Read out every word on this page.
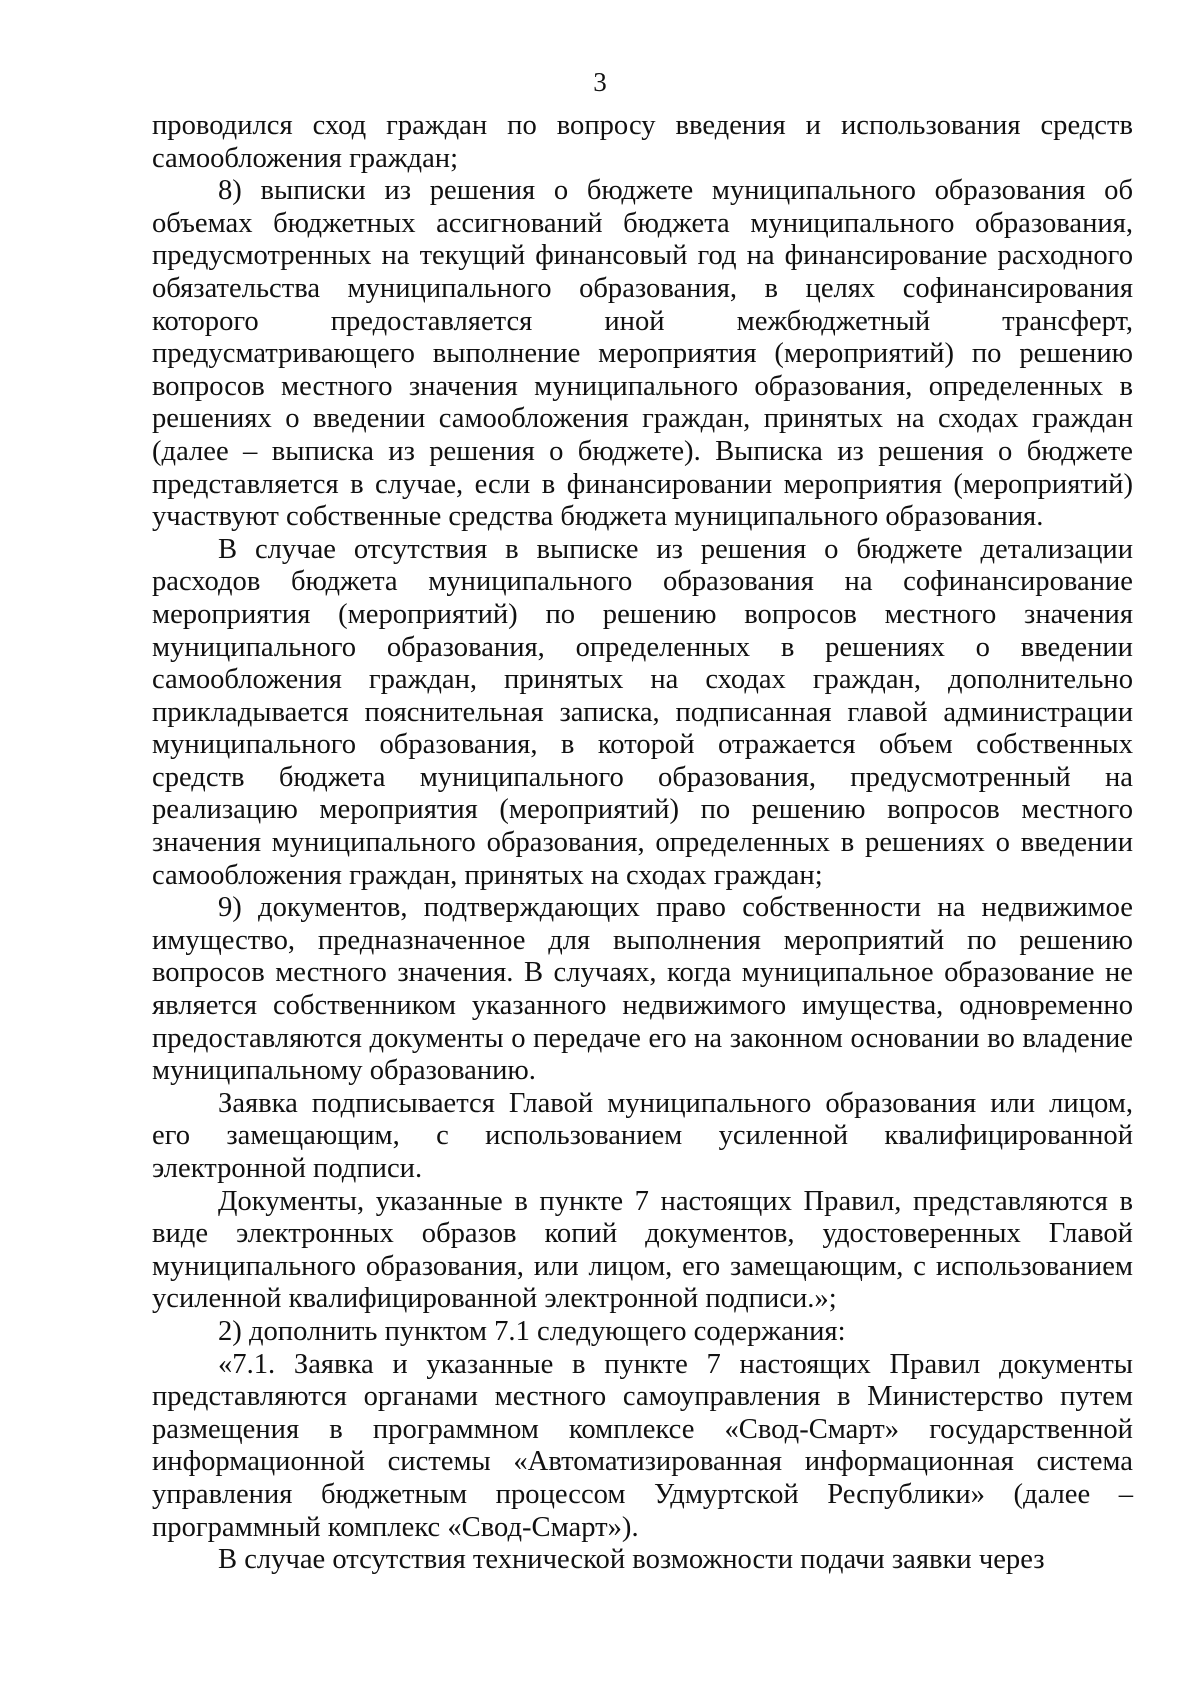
3

проводился сход граждан по вопросу введения и использования средств самообложения граждан;

8) выписки из решения о бюджете муниципального образования об объемах бюджетных ассигнований бюджета муниципального образования, предусмотренных на текущий финансовый год на финансирование расходного обязательства муниципального образования, в целях софинансирования которого предоставляется иной межбюджетный трансферт, предусматривающего выполнение мероприятия (мероприятий) по решению вопросов местного значения муниципального образования, определенных в решениях о введении самообложения граждан, принятых на сходах граждан (далее – выписка из решения о бюджете). Выписка из решения о бюджете представляется в случае, если в финансировании мероприятия (мероприятий) участвуют собственные средства бюджета муниципального образования.

В случае отсутствия в выписке из решения о бюджете детализации расходов бюджета муниципального образования на софинансирование мероприятия (мероприятий) по решению вопросов местного значения муниципального образования, определенных в решениях о введении самообложения граждан, принятых на сходах граждан, дополнительно прикладывается пояснительная записка, подписанная главой администрации муниципального образования, в которой отражается объем собственных средств бюджета муниципального образования, предусмотренный на реализацию мероприятия (мероприятий) по решению вопросов местного значения муниципального образования, определенных в решениях о введении самообложения граждан, принятых на сходах граждан;

9) документов, подтверждающих право собственности на недвижимое имущество, предназначенное для выполнения мероприятий по решению вопросов местного значения. В случаях, когда муниципальное образование не является собственником указанного недвижимого имущества, одновременно предоставляются документы о передаче его на законном основании во владение муниципальному образованию.

Заявка подписывается Главой муниципального образования или лицом, его замещающим, с использованием усиленной квалифицированной электронной подписи.

Документы, указанные в пункте 7 настоящих Правил, представляются в виде электронных образов копий документов, удостоверенных Главой муниципального образования, или лицом, его замещающим, с использованием усиленной квалифицированной электронной подписи.»;

2) дополнить пунктом 7.1 следующего содержания:

«7.1. Заявка и указанные в пункте 7 настоящих Правил документы представляются органами местного самоуправления в Министерство путем размещения в программном комплексе «Свод-Смарт» государственной информационной системы «Автоматизированная информационная система управления бюджетным процессом Удмуртской Республики» (далее – программный комплекс «Свод-Смарт»).

В случае отсутствия технической возможности подачи заявки через
